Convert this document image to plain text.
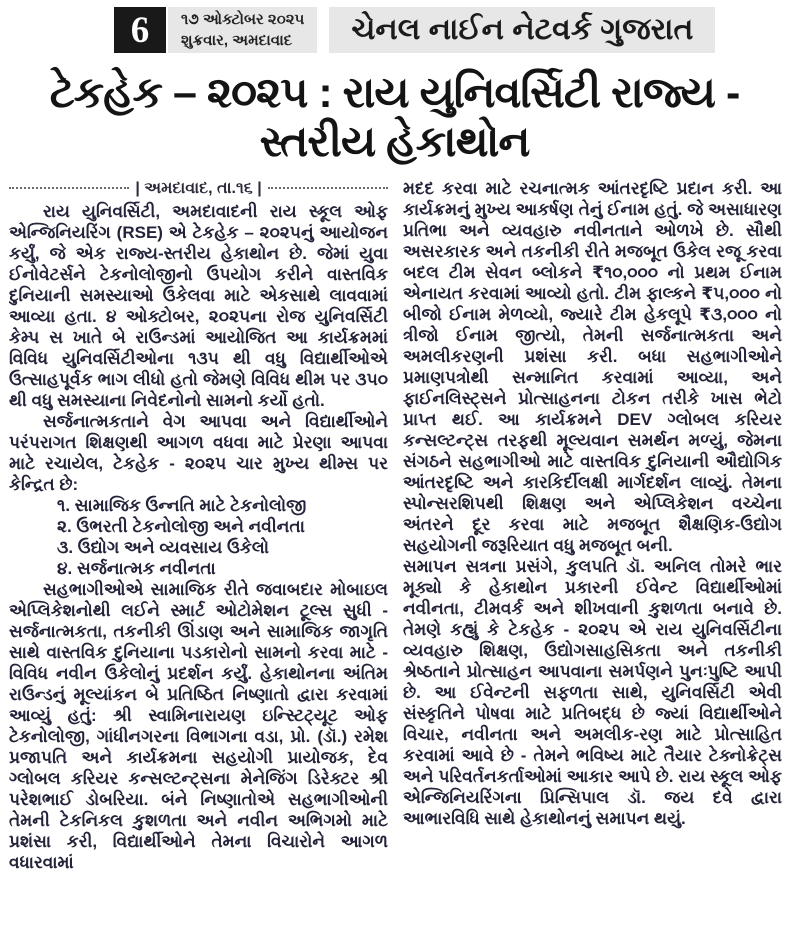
6 ૧૭ ઓક્ટોબર ૨૦૨૫
શુક્રવાર, અમદાવાદ	ચેનલ નાઈન નેટવર્ક ગુજરાત
ટેકહેક – ૨૦૨૫ : રાય યુનિવર્સિટી રાજ્ય - સ્તરીય હેકાથોન
| અમદાવાદ, તા.૧૬ |

રાય યુનિવર્સિટી, અમદાવાદની રાય સ્કૂલ ઓફ એન્જિનિયરિંગ (RSE) એ ટેકહેક – ૨૦૨૫નું આયોજન કર્યું, જે એક રાજ્ય-સ્તરીય હેકાથોન છે. જેમાં યુવા ઈનોવેટર્સને ટેકનોલોજીનો ઉપયોગ કરીને વાસ્તવિક દુનિયાની સમસ્યાઓ ઉકેલવા માટે એકસાથે લાવવામાં આવ્યા હતા. ૪ ઓક્ટોબર, ૨૦૨૫ના રોજ યુનિવર્સિટી કેમ્પ સ ખાતે બે રાઉન્ડમાં આયોજિત આ કાર્યક્રમમાં વિવિધ યુનિવર્સિટીઓના ૧૩૫ થી વધુ વિદ્યાર્થીઓએ ઉત્સાહપૂર્વક ભાગ લીધો હતો જેમણે વિવિધ થીમ પર ૩૫૦ થી વધુ સમસ્યાના નિવેદનોનો સામનો કર્યો હતો.

સર્જનાત્મકતાને વેગ આપવા અને વિદ્યાર્થીઓને પરંપરાગત શિક્ષણથી આગળ વધવા માટે પ્રેરણા આપવા માટે રચાયેલ, ટેકહેક - ૨૦૨૫ ચાર મુખ્ય થીમ્સ પર કેન્દ્રિત છે:

૧. સામાજિક ઉન્નતિ માટે ટેકનોલોજી
૨. ઉભરતી ટેકનોલોજી અને નવીનતા
૩. ઉદ્યોગ અને વ્યવસાય ઉકેલો
૪. સર્જનાત્મક નવીનતા

સહભાગીઓએ સામાજિક રીતે જવાબદાર મોબાઇલ એપ્લિકેશનોથી લઈને સ્માર્ટ ઓટોમેશન ટૂલ્સ સુધી - સર્જનાત્મકતા, તકનીકી ઊંડાણ અને સામાજિક જાગૃતિ સાથે વાસ્તવિક દુનિયાના પડકારોનો સામનો કરવા માટે - વિવિધ નવીન ઉકેલોનું પ્રદર્શન કર્યું. હેકાથોનના અંતિમ રાઉન્ડનું મૂલ્યાંકન બે પ્રતિષ્ઠિત નિષ્ણાતો દ્વારા કરવામાં આવ્યું હતું: શ્રી સ્વામિનારાયણ ઇન્સ્ટિટ્યૂટ ઓફ ટેકનોલોજી, ગાંધીનગરના વિભાગના વડા, પ્રો. (ડૉ.) રમેશ પ્રજાપતિ અને કાર્યક્રમના સહયોગી પ્રાયોજક, દેવ ગ્લોબલ કરિયર કન્સલ્ટન્ટ્સના મેનેજિંગ ડિરેક્ટર શ્રી પરેશભાઈ ડોબરિયા. બંને નિષ્ણાતોએ સહભાગીઓની તેમની ટેકનિકલ કુશળતા અને નવીન અભિગમો માટે પ્રશંસા કરી, વિદ્યાર્થીઓને તેમના વિચારોને આગળ વધારવામાં

મદદ કરવા માટે રચનાત્મક આંતરદૃષ્ટિ પ્રદાન કરી. આ કાર્યક્રમનું મુખ્ય આકર્ષણ તેનું ઈનામ હતું. જે અસાધારણ પ્રતિભા અને વ્યવહારુ નવીનતાને ઓળખે છે. સૌથી અસરકારક અને તકનીકી રીતે મજબૂત ઉકેલ રજૂ કરવા બદલ ટીમ સેવન બ્લોકને ₹૧૦,૦૦૦ નો પ્રથમ ઈનામ એનાયત કરવામાં આવ્યો હતો. ટીમ ફાલ્કને ₹૫,૦૦૦ નો બીજો ઈનામ મેળવ્યો, જ્યારે ટીમ હેકલૂપે ₹૩,૦૦૦ નો ત્રીજો ઈનામ જીત્યો, તેમની સર્જનાત્મકતા અને અમલીકરણની પ્રશંસા કરી. બધા સહભાગીઓને પ્રમાણપત્રોથી સન્માનિત કરવામાં આવ્યા, અને ફાઈનલિસ્ટ્સને પ્રોત્સાહનના ટોકન તરીકે ખાસ ભેટો પ્રાપ્ત થઈ. આ કાર્યક્રમને DEV ગ્લોબલ કરિયર કન્સલ્ટન્ટ્સ તરફથી મૂલ્યવાન સમર્થન મળ્યું, જેમના સંગઠને સહભાગીઓ માટે વાસ્તવિક દુનિયાની ઔદ્યોગિક આંતરદૃષ્ટિ અને કારકિર્દીલક્ષી માર્ગદર્શન લાવ્યું. તેમના સ્પોન્સરશિપથી શિક્ષણ અને એપ્લિકેશન વચ્ચેના અંતરને દૂર કરવા માટે મજબૂત શૈક્ષણિક-ઉદ્યોગ સહયોગની જરૂરિયાત વધુ મજબૂત બની.

સમાપન સત્રના પ્રસંગે, કુલપતિ ડૉ. અનિલ તોમરે ભાર મૂક્યો કે હેકાથોન પ્રકારની ઈવેન્ટ વિદ્યાર્થીઓમાં નવીનતા, ટીમવર્ક અને શીખવાની કુશળતા બનાવે છે. તેમણે કહ્યું કે ટેકહેક - ૨૦૨૫ એ રાય યુનિવર્સિટીના વ્યવહારુ શિક્ષણ, ઉદ્યોગસાહસિકતા અને તકનીકી શ્રેષ્ઠતાને પ્રોત્સાહન આપવાના સમર્પણને પુનઃપુષ્ટિ આપી છે. આ ઈવેન્ટની સફળતા સાથે, યુનિવર્સિટી એવી સંસ્કૃતિને પોષવા માટે પ્રતિબદ્ધ છે જ્યાં વિદ્યાર્થીઓને વિચાર, નવીનતા અને અમલીક-રણ માટે પ્રોત્સાહિત કરવામાં આવે છે - તેમને ભવિષ્ય માટે તૈયાર ટેક્નોક્રેટ્સ અને પરિવર્તનકર્તાઓમાં આકાર આપે છે. રાય સ્કૂલ ઓફ એન્જિનિયરિંગના પ્રિન્સિપાલ ડૉ. જય દવે દ્વારા આભારવિધિ સાથે હેકાથોનનું સમાપન થયું.
